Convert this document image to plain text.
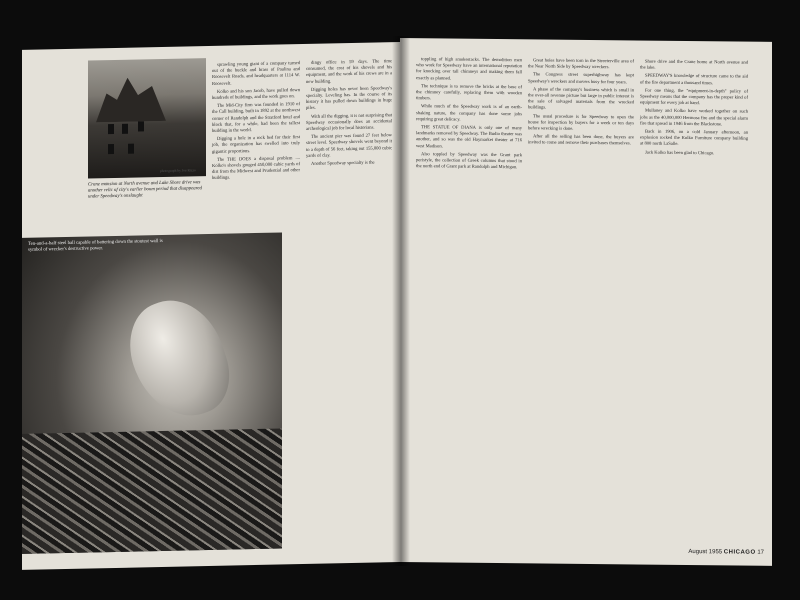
photograph by Joe Rizzo
Crane mansion at North avenue and Lake Shore drive was another relic of city's earlier boom period that disappeared under Speedway's onslaught
Ten-and-a-half steel ball capable of battering down the stoutest wall is symbol of wrecker's destructive power.

sprawling young giant of a company turned out of the buckle and brass of Paulina and Roosevelt Roads, and headquarters at 1114 W. Roosevelt.

Kolko and his son Jacob, have pulled down hundreds of buildings, and the work goes on.

The Mid-City firm was founded in 1910 of the Call building, built in 1892 at the northwest corner of Randolph and the Stratford hotel and block that, for a while, had been the tallest building in the world.

Digging a hole in a rock bed for their first job, the organization has swelled into truly gigantic proportions.

The THE DOES a disposal problem — Kolko's shovels gouged 450,000 cubic yards of dirt from the Midwest and Prudential and other buildings.

dingy office in 59 days. The time consumed, the cost of his shovels and his equipment, and the work of his crews are in a new building.

Digging holes has never been Speedway's specialty. Leveling has. In the course of its history it has pulled down buildings in huge piles.

With all the digging, it is not surprising that Speedway occasionally does an accidental archeological job for local historians.

The ancient pier was found 27 feet below street level. Speedway shovels went beyond it to a depth of 56 feet, taking out 155,000 cubic yards of clay.

Another Speedway specialty is the

toppling of high smokestacks. The demolition men who work for Speedway have an international reputation for knocking over tall chimneys and making them fall exactly as planned.

The technique is to remove the bricks at the base of the chimney carefully, replacing them with wooden timbers.

While much of the Speedway work is of an earth-shaking nature, the company has done some jobs requiring great delicacy.

THE STATUE OF DIANA is only one of many landmarks removed by Speedway. The Budio theater was another, and so was the old Haymarket theater at 716 west Madison.

Also toppled by Speedway was the Grant park peristyle, the collection of Greek columns that stood in the north end of Grant park at Randolph and Michigan.

Great holes have been torn in the Streeterville area of the Near North Side by Speedway wreckers.

The Congress street superhighway has kept Speedway's wreckers and movers busy for four years.

A phase of the company's business which is small in the over-all revenue picture but large in public interest is the sale of salvaged materials from the wrecked buildings.

The usual procedure is for Speedway to open the house for inspection by buyers for a week or ten days before wrecking is done.

After all the selling has been done, the buyers are invited to come and remove their purchases themselves.

Shore drive and the Crane home at North avenue and the lake.

SPEEDWAY'S knowledge of structure came to the aid of the fire department a thousand times.

For one thing, the "equipment-in-depth" policy of Speedway means that the company has the proper kind of equipment for every job at hand.

Mullaney and Kolko have worked together on such jobs as the 40,000,000 Hermosa fire and the special alarm fire that spread in 1946 from the Blackstone.

Back in 1906, on a cold January afternoon, an explosion rocked the Kolko Furniture company building at 800 north LaSalle.

Jack Kolko has been glad to Chicago.

August 1955 CHICAGO 17
